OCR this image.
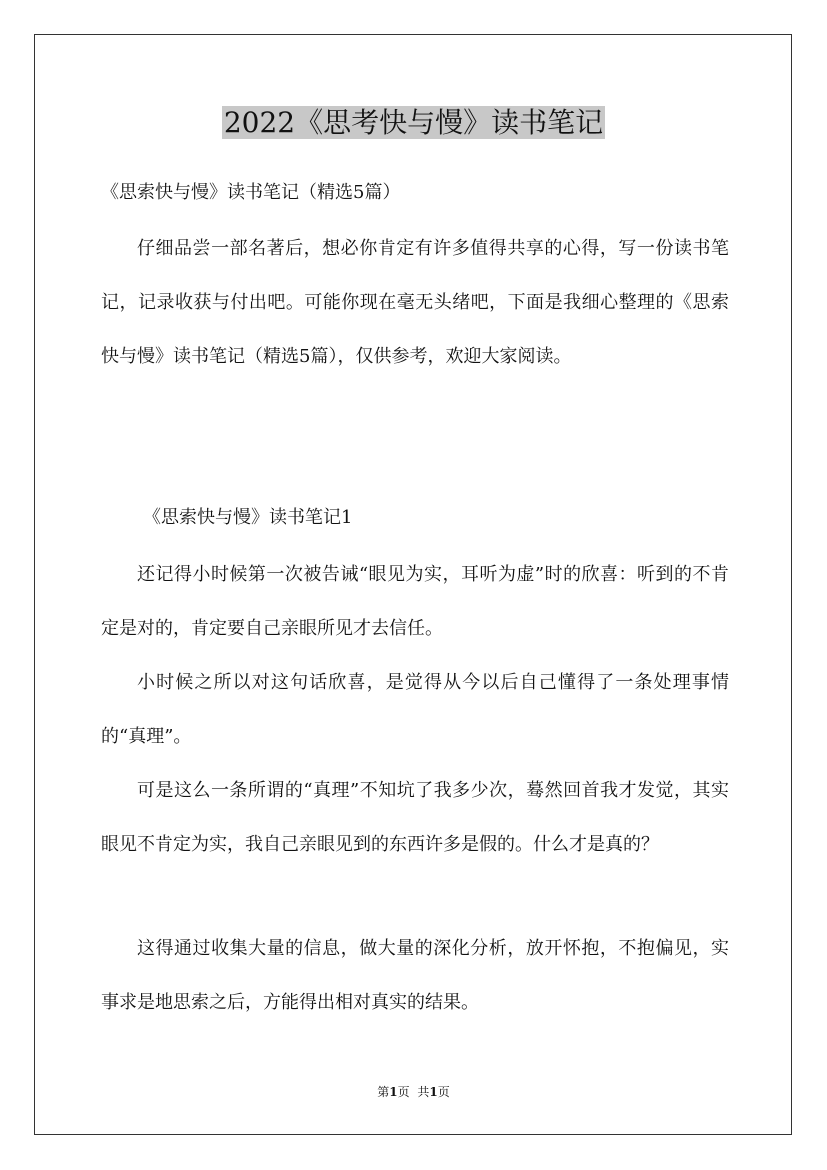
2022《思考快与慢》读书笔记
《思索快与慢》读书笔记（精选5篇）

仔细品尝一部名著后，想必你肯定有许多值得共享的心得，写一份读书笔记，记录收获与付出吧。可能你现在毫无头绪吧，下面是我细心整理的《思索快与慢》读书笔记（精选5篇），仅供参考，欢迎大家阅读。

《思索快与慢》读书笔记1

还记得小时候第一次被告诫“眼见为实，耳听为虚”时的欣喜：听到的不肯定是对的，肯定要自己亲眼所见才去信任。

小时候之所以对这句话欣喜，是觉得从今以后自己懂得了一条处理事情的“真理”。

可是这么一条所谓的“真理”不知坑了我多少次，蓦然回首我才发觉，其实眼见不肯定为实，我自己亲眼见到的东西许多是假的。什么才是真的？

这得通过收集大量的信息，做大量的深化分析，放开怀抱，不抱偏见，实事求是地思索之后，方能得出相对真实的结果。

第1页 共1页
